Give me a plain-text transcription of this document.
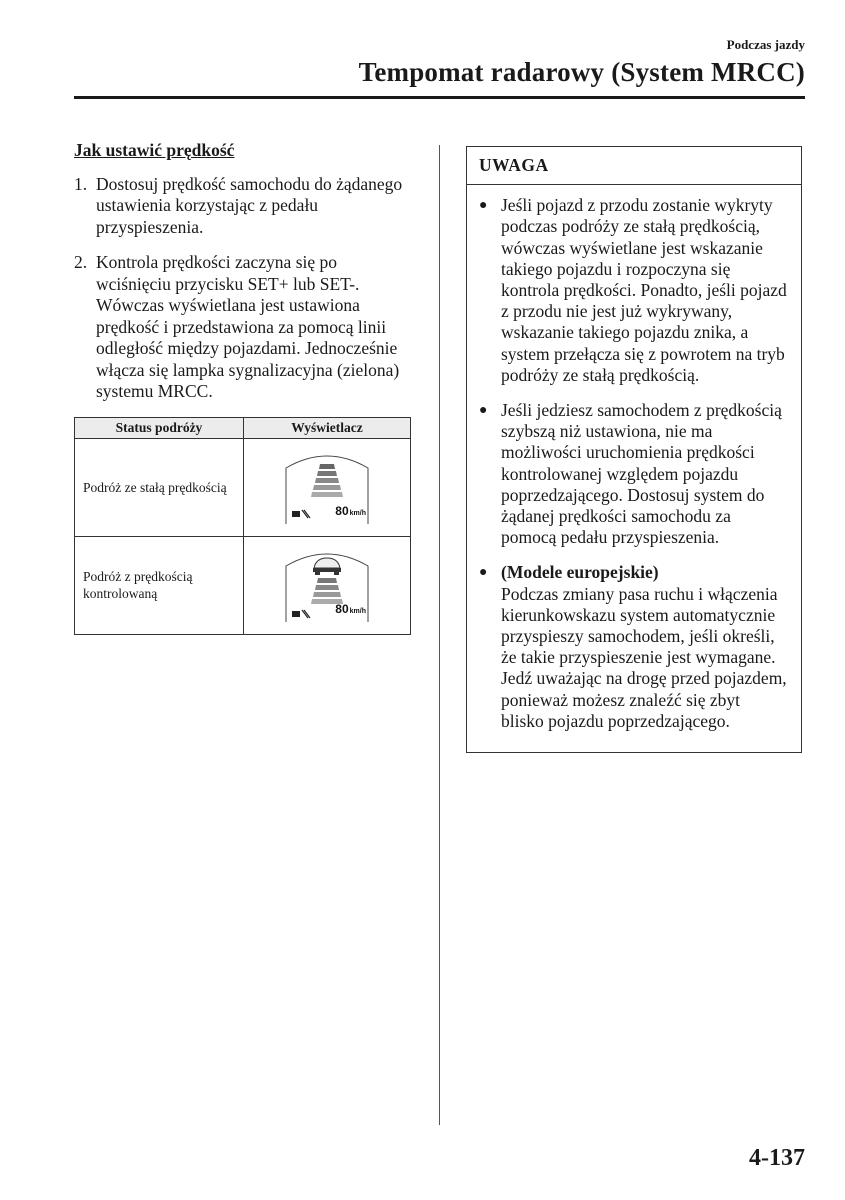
Podczas jazdy
Tempomat radarowy (System MRCC)
Jak ustawić prędkość
1. Dostosuj prędkość samochodu do żądanego ustawienia korzystając z pedału przyspieszenia.
2. Kontrola prędkości zaczyna się po wciśnięciu przycisku SET+ lub SET-. Wówczas wyświetlana jest ustawiona prędkość i przedstawiona za pomocą linii odległość między pojazdami. Jednocześnie włącza się lampka sygnalizacyjna (zielona) systemu MRCC.
Status podróży	Wyświetlacz
Podróż ze stałą prędkością	80km/h

Podróż z prędkością kontrolowaną	80km/h
UWAGA
● Jeśli pojazd z przodu zostanie wykryty podczas podróży ze stałą prędkością, wówczas wyświetlane jest wskazanie takiego pojazdu i rozpoczyna się kontrola prędkości. Ponadto, jeśli pojazd z przodu nie jest już wykrywany, wskazanie takiego pojazdu znika, a system przełącza się z powrotem na tryb podróży ze stałą prędkością.
● Jeśli jedziesz samochodem z prędkością szybszą niż ustawiona, nie ma możliwości uruchomienia prędkości kontrolowanej względem pojazdu poprzedzającego. Dostosuj system do żądanej prędkości samochodu za pomocą pedału przyspieszenia.
● (Modele europejskie)
Podczas zmiany pasa ruchu i włączenia kierunkowskazu system automatycznie przyspieszy samochodem, jeśli określi, że takie przyspieszenie jest wymagane. Jedź uważając na drogę przed pojazdem, ponieważ możesz znaleźć się zbyt blisko pojazdu poprzedzającego.
4-137
